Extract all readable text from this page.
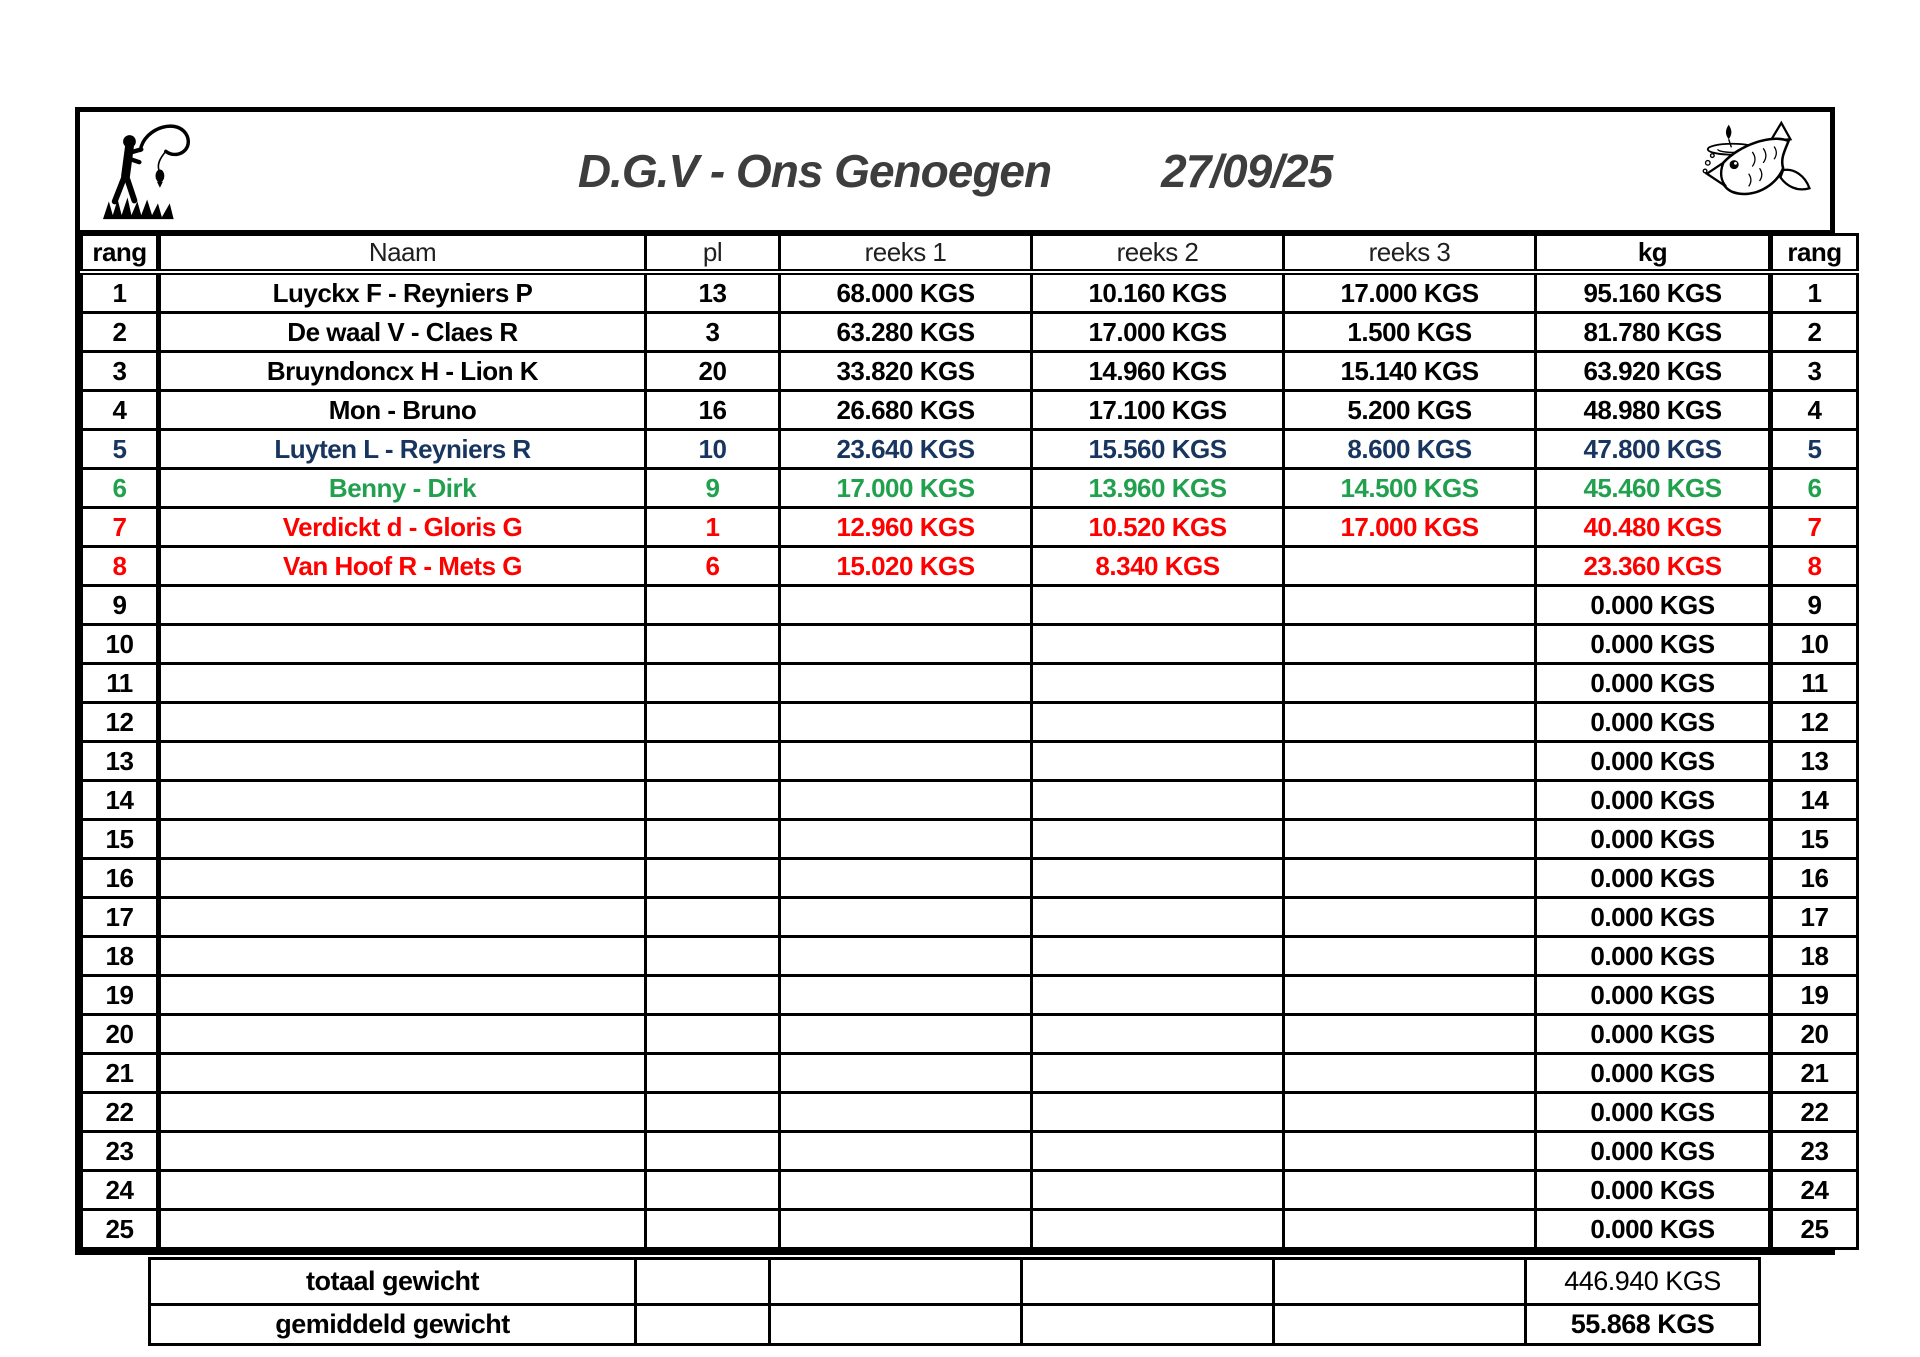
D.G.V - Ons Genoegen 27/09/25
rang	Naam	pl	reeks 1	reeks 2	reeks 3	kg	rang
1	Luyckx F - Reyniers P	13	68.000 KGS	10.160 KGS	17.000 KGS	95.160 KGS	1
2	De waal V - Claes R	3	63.280 KGS	17.000 KGS	1.500 KGS	81.780 KGS	2
3	Bruyndoncx H - Lion K	20	33.820 KGS	14.960 KGS	15.140 KGS	63.920 KGS	3
4	Mon - Bruno	16	26.680 KGS	17.100 KGS	5.200 KGS	48.980 KGS	4
5	Luyten L - Reyniers R	10	23.640 KGS	15.560 KGS	8.600 KGS	47.800 KGS	5
6	Benny - Dirk	9	17.000 KGS	13.960 KGS	14.500 KGS	45.460 KGS	6
7	Verdickt d - Gloris G	1	12.960 KGS	10.520 KGS	17.000 KGS	40.480 KGS	7
8	Van Hoof R - Mets G	6	15.020 KGS	8.340 KGS		23.360 KGS	8
9						0.000 KGS	9
10						0.000 KGS	10
11						0.000 KGS	11
12						0.000 KGS	12
13						0.000 KGS	13
14						0.000 KGS	14
15						0.000 KGS	15
16						0.000 KGS	16
17						0.000 KGS	17
18						0.000 KGS	18
19						0.000 KGS	19
20						0.000 KGS	20
21						0.000 KGS	21
22						0.000 KGS	22
23						0.000 KGS	23
24						0.000 KGS	24
25						0.000 KGS	25
totaal gewicht					446.940 KGS
gemiddeld gewicht					55.868 KGS
